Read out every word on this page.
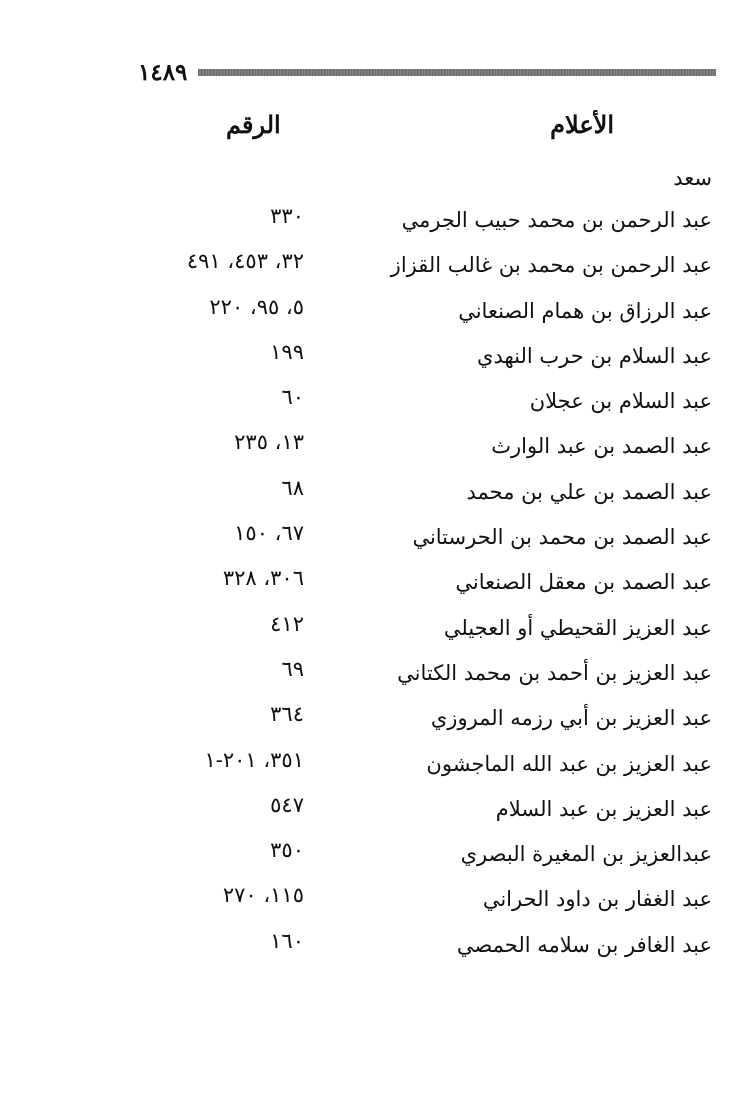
١٤٨٩
الأعلام
الرقم
سعد
عبد الرحمن بن محمد حبيب الجرمي
٣٣٠
عبد الرحمن بن محمد بن غالب القزاز
٣٢، ٤٥٣، ٤٩١
عبد الرزاق بن همام الصنعاني
٥، ٩٥، ٢٢٠
عبد السلام بن حرب النهدي
١٩٩
عبد السلام بن عجلان
٦٠
عبد الصمد بن عبد الوارث
١٣، ٢٣٥
عبد الصمد بن علي بن محمد
٦٨
عبد الصمد بن محمد بن الحرستاني
٦٧، ١٥٠
عبد الصمد بن معقل الصنعاني
٣٠٦، ٣٢٨
عبد العزيز القحيطي أو العجيلي
٤١٢
عبد العزيز بن أحمد بن محمد الكتاني
٦٩
عبد العزيز بن أبي رزمه المروزي
٣٦٤
عبد العزيز بن عبد الله الماجشون
٣٥١، ٢٠١-١
عبد العزيز بن عبد السلام
٥٤٧
عبدالعزيز بن المغيرة البصري
٣٥٠
عبد الغفار بن داود الحراني
١١٥، ٢٧٠
عبد الغافر بن سلامه الحمصي
١٦٠
